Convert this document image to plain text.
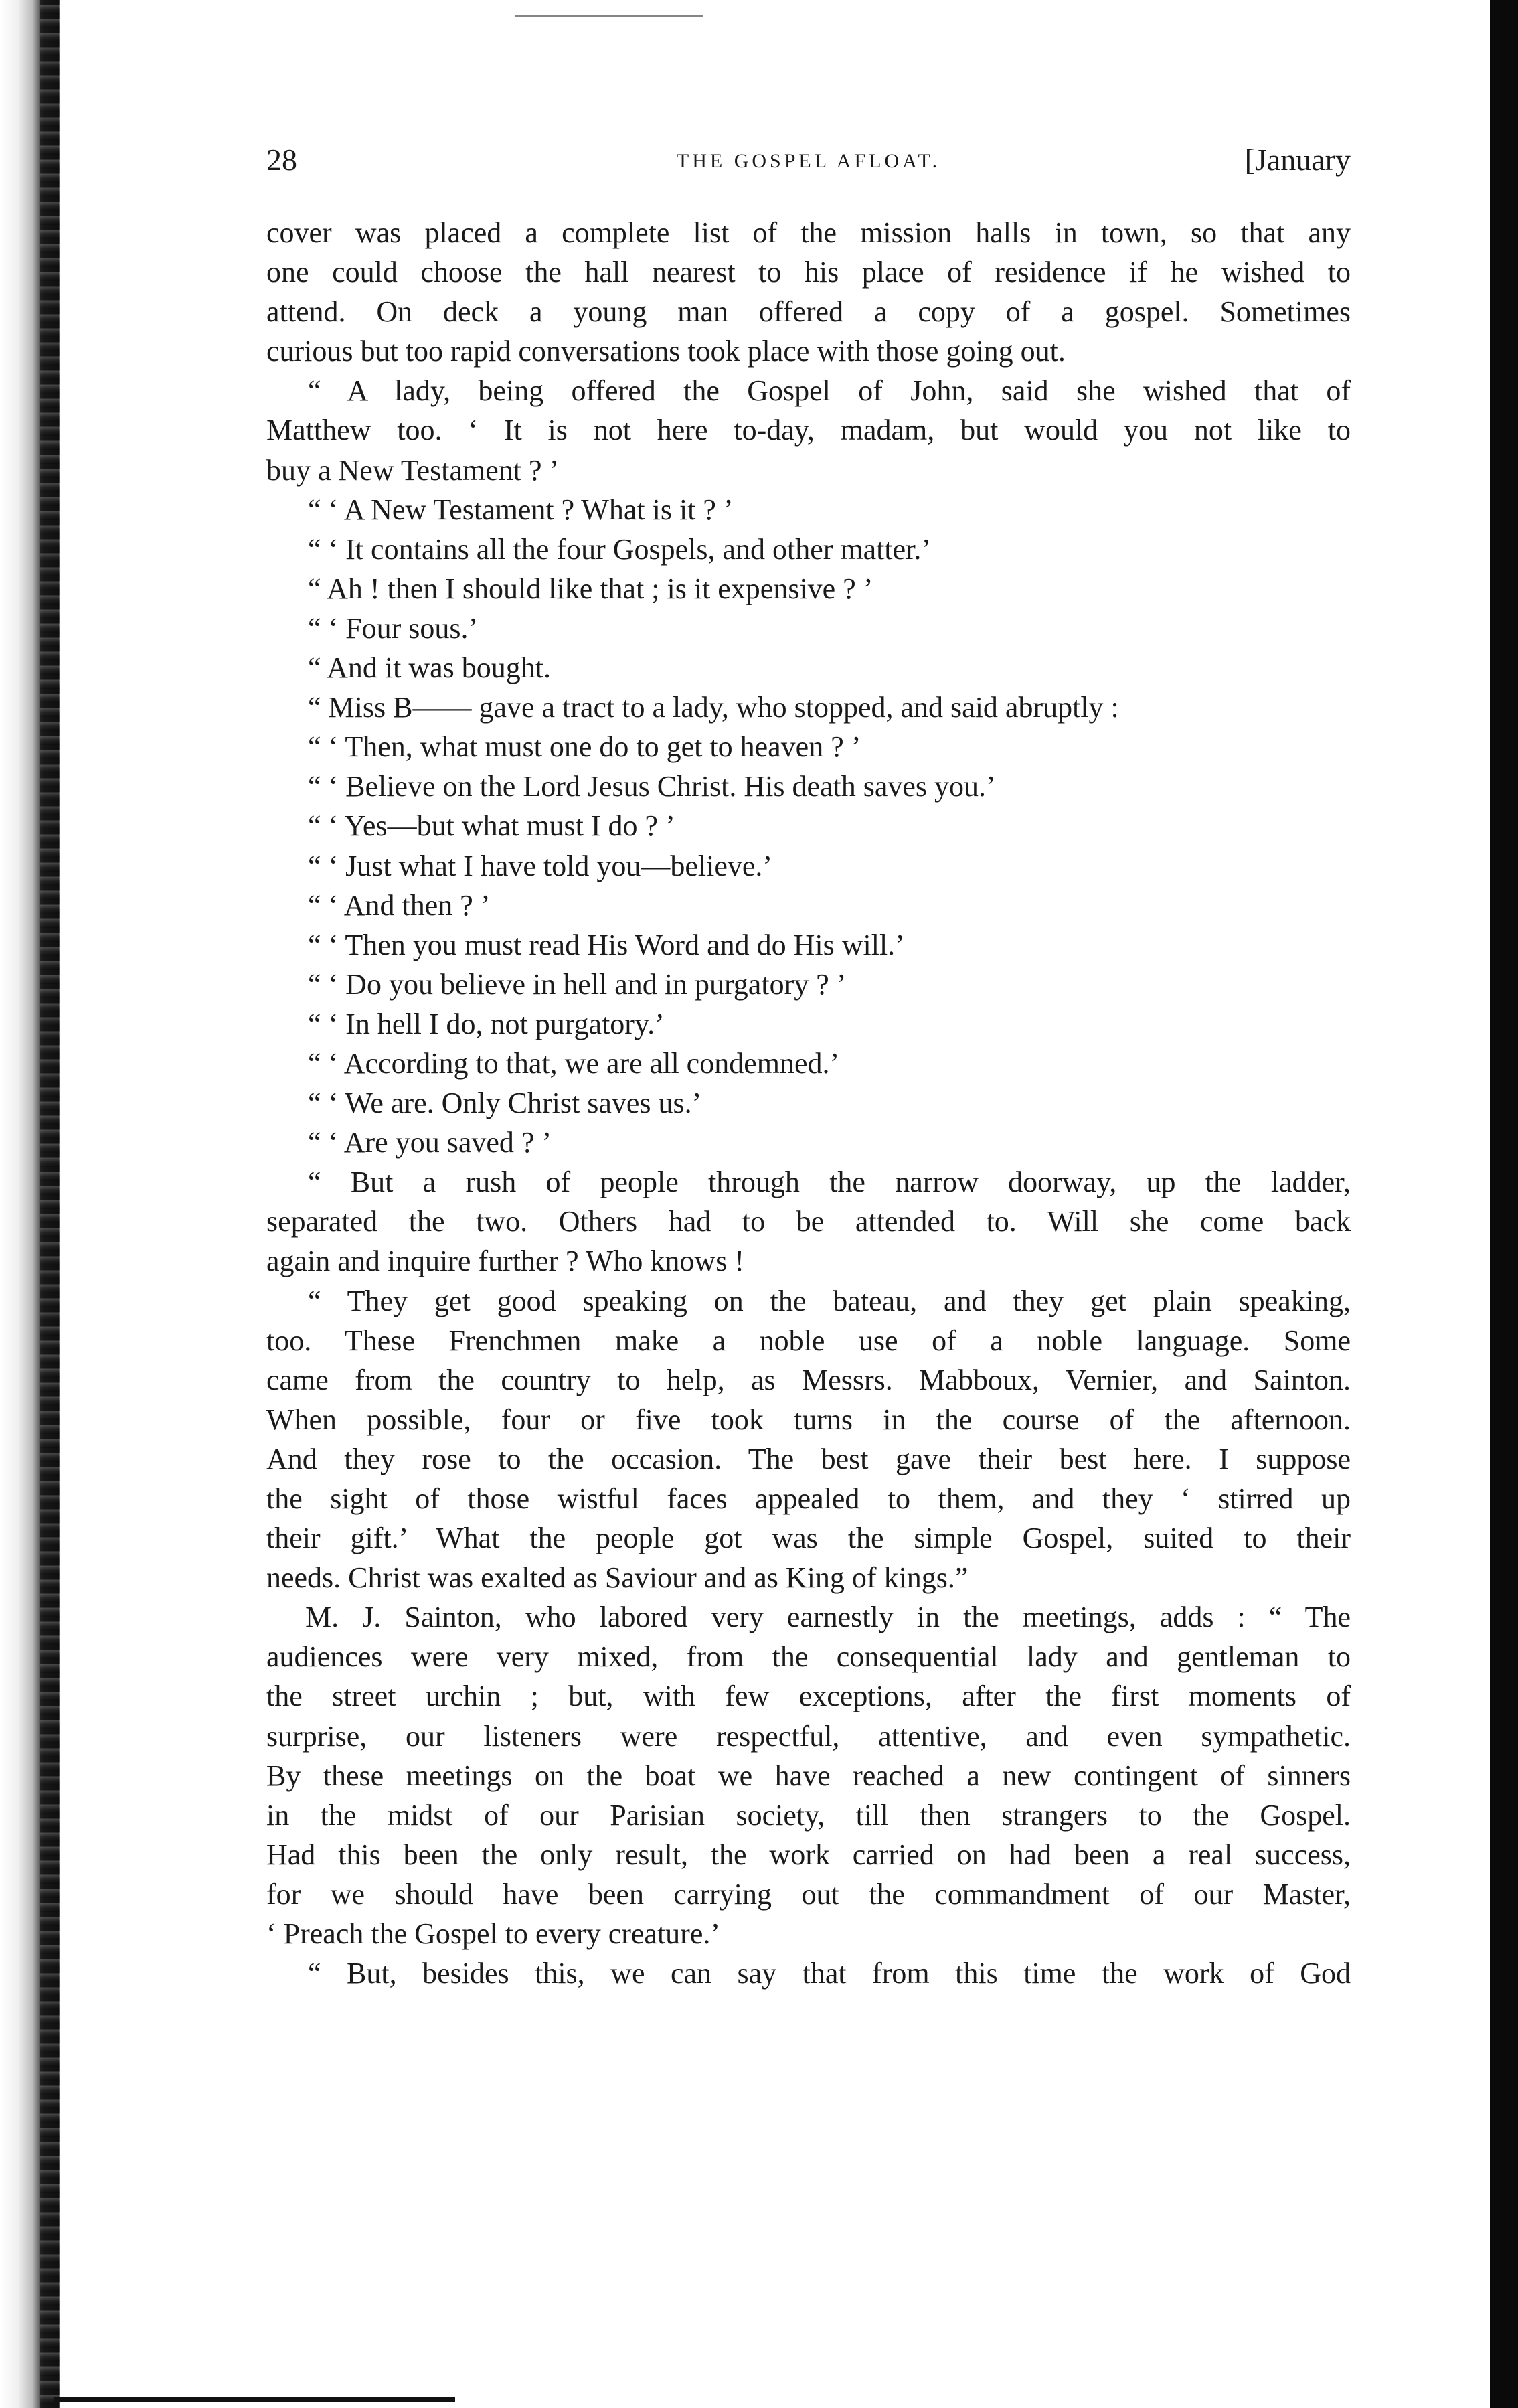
28	THE GOSPEL AFLOAT.	[January
cover was placed a complete list of the mission halls in town, so that any
one could choose the hall nearest to his place of residence if he wished to
attend. On deck a young man offered a copy of a gospel. Sometimes
curious but too rapid conversations took place with those going out.
“ A lady, being offered the Gospel of John, said she wished that of
Matthew too. ‘ It is not here to-day, madam, but would you not like to
buy a New Testament ? ’
“ ‘ A New Testament ? What is it ? ’
“ ‘ It contains all the four Gospels, and other matter.’
“ Ah ! then I should like that ; is it expensive ? ’
“ ‘ Four sous.’
“ And it was bought.
“ Miss B—— gave a tract to a lady, who stopped, and said abruptly :
“ ‘ Then, what must one do to get to heaven ? ’
“ ‘ Believe on the Lord Jesus Christ. His death saves you.’
“ ‘ Yes—but what must I do ? ’
“ ‘ Just what I have told you—believe.’
“ ‘ And then ? ’
“ ‘ Then you must read His Word and do His will.’
“ ‘ Do you believe in hell and in purgatory ? ’
“ ‘ In hell I do, not purgatory.’
“ ‘ According to that, we are all condemned.’
“ ‘ We are. Only Christ saves us.’
“ ‘ Are you saved ? ’
“ But a rush of people through the narrow doorway, up the ladder,
separated the two. Others had to be attended to. Will she come back
again and inquire further ? Who knows !
“ They get good speaking on the bateau, and they get plain speaking,
too. These Frenchmen make a noble use of a noble language. Some
came from the country to help, as Messrs. Mabboux, Vernier, and Sainton.
When possible, four or five took turns in the course of the afternoon.
And they rose to the occasion. The best gave their best here. I suppose
the sight of those wistful faces appealed to them, and they ‘ stirred up
their gift.’ What the people got was the simple Gospel, suited to their
needs. Christ was exalted as Saviour and as King of kings.”
M. J. Sainton, who labored very earnestly in the meetings, adds : “ The
audiences were very mixed, from the consequential lady and gentleman to
the street urchin ; but, with few exceptions, after the first moments of
surprise, our listeners were respectful, attentive, and even sympathetic.
By these meetings on the boat we have reached a new contingent of sinners
in the midst of our Parisian society, till then strangers to the Gospel.
Had this been the only result, the work carried on had been a real success,
for we should have been carrying out the commandment of our Master,
‘ Preach the Gospel to every creature.’
“ But, besides this, we can say that from this time the work of God
